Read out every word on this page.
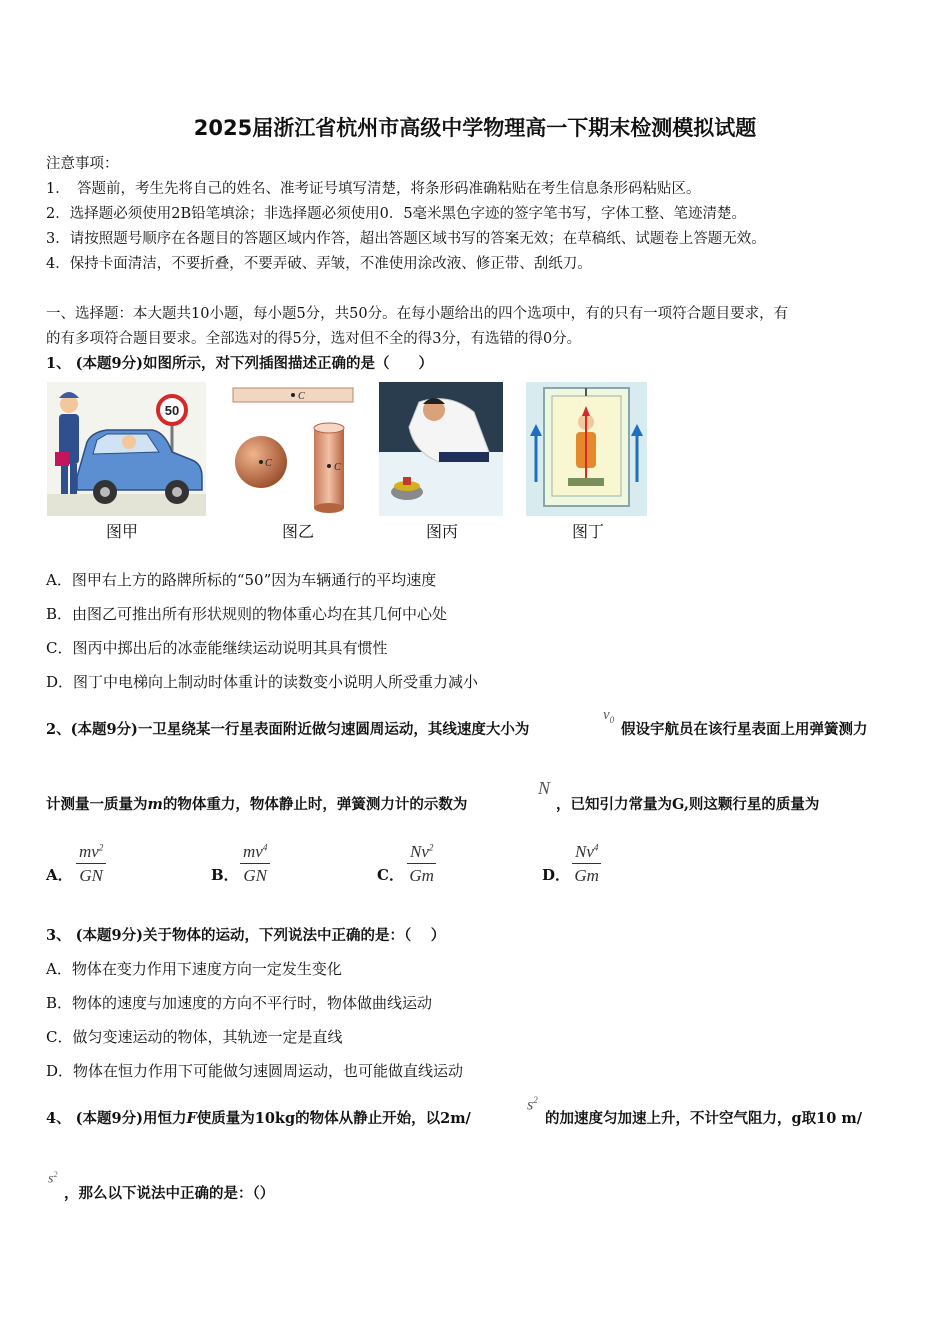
2025届浙江省杭州市高级中学物理高一下期末检测模拟试题
注意事项：
1．　答题前，考生先将自己的姓名、准考证号填写清楚，将条形码准确粘贴在考生信息条形码粘贴区。
2．选择题必须使用2B铅笔填涂；非选择题必须使用0．5毫米黑色字迹的签字笔书写，字体工整、笔迹清楚。
3．请按照题号顺序在各题目的答题区域内作答，超出答题区域书写的答案无效；在草稿纸、试题卷上答题无效。
4．保持卡面清洁，不要折叠，不要弄破、弄皱，不准使用涂改液、修正带、刮纸刀。
一、选择题：本大题共10小题，每小题5分，共50分。在每小题给出的四个选项中，有的只有一项符合题目要求，有
的有多项符合题目要求。全部选对的得5分，选对但不全的得3分，有选错的得0分。
1、 (本题9分)如图所示，对下列插图描述正确的是（　　）
50
图甲
C
C	C
图乙	图丙	图丁
A．图甲右上方的路牌所标的“50”因为车辆通行的平均速度
B．由图乙可推出所有形状规则的物体重心均在其几何中心处
C．图丙中掷出后的冰壶能继续运动说明其具有惯性
D．图丁中电梯向上制动时体重计的读数变小说明人所受重力减小
2、(本题9分)一卫星绕某一行星表面附近做匀速圆周运动，其线速度大小为
$v_0$
假设宇航员在该行星表面上用弹簧测力
计测量一质量为m的物体重力，物体静止时，弹簧测力计的示数为
N
，已知引力常量为G,则这颗行星的质量为
A． $\frac{mv^2}{GN}$	B． $\frac{mv^4}{GN}$	C． $\frac{Nv^2}{Gm}$	D． $\frac{Nv^4}{Gm}$
3、 (本题9分)关于物体的运动，下列说法中正确的是：（　 ）
A．物体在变力作用下速度方向一定发生变化
B．物体的速度与加速度的方向不平行时，物体做曲线运动
C．做匀变速运动的物体，其轨迹一定是直线
D．物体在恒力作用下可能做匀速圆周运动，也可能做直线运动
4、 (本题9分)用恒力F使质量为10kg的物体从静止开始，以2m/
$s^2$
的加速度匀加速上升，不计空气阻力，g取10 m/
$s^2$
，那么以下说法中正确的是：（）
